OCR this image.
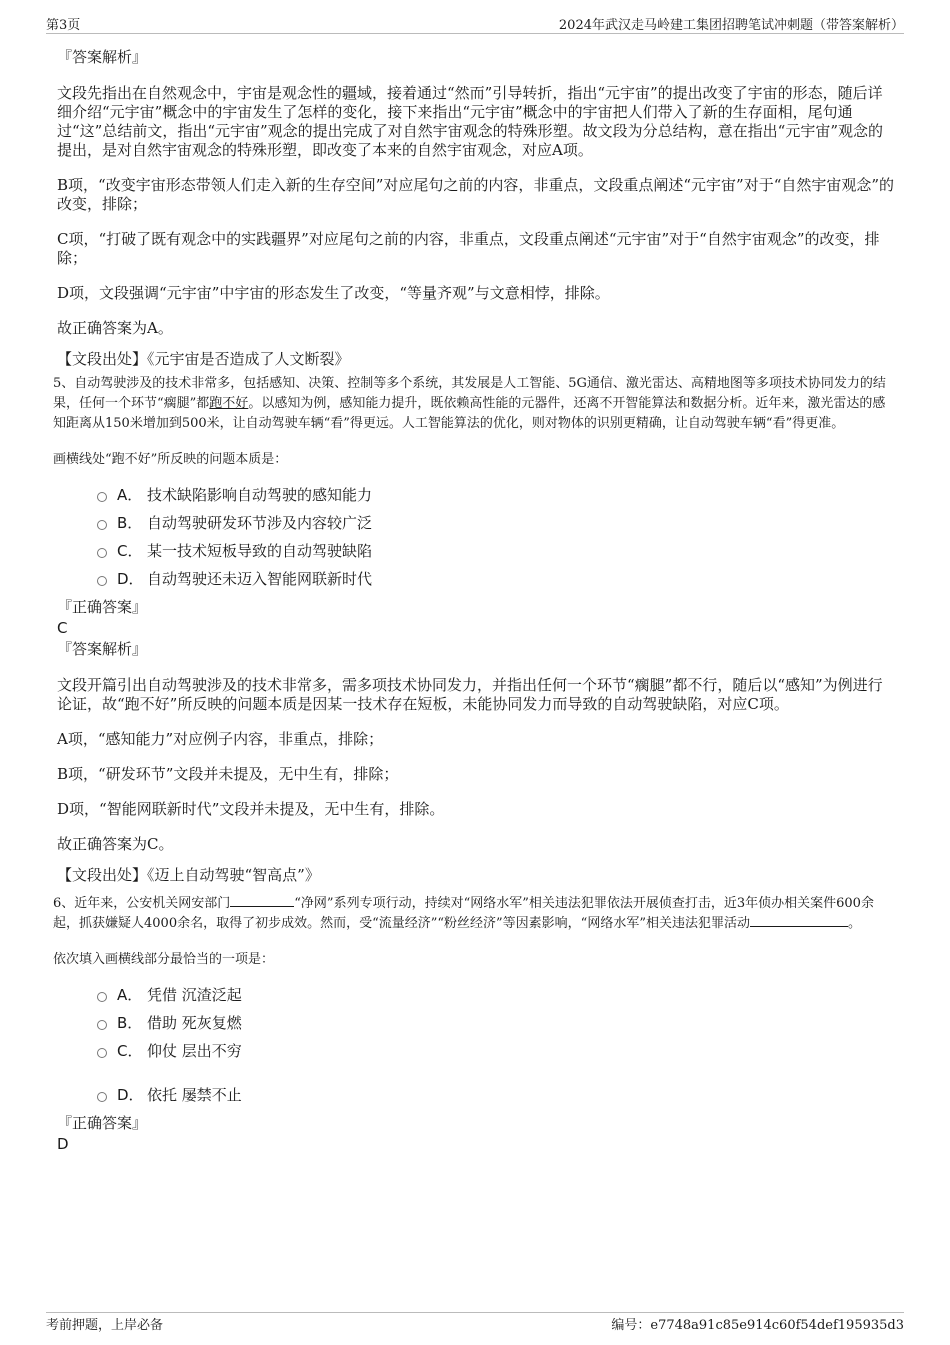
第3页	2024年武汉走马岭建工集团招聘笔试冲刺题（带答案解析）
『答案解析』

文段先指出在自然观念中，宇宙是观念性的疆域，接着通过“然而”引导转折，指出“元宇宙”的提出改变了宇宙的形态，随后详细介绍“元宇宙”概念中的宇宙发生了怎样的变化，接下来指出“元宇宙”概念中的宇宙把人们带入了新的生存面相，尾句通过“这”总结前文，指出“元宇宙”观念的提出完成了对自然宇宙观念的特殊形塑。故文段为分总结构，意在指出“元宇宙”观念的提出，是对自然宇宙观念的特殊形塑，即改变了本来的自然宇宙观念，对应A项。

B项，“改变宇宙形态带领人们走入新的生存空间”对应尾句之前的内容，非重点，文段重点阐述“元宇宙”对于“自然宇宙观念”的改变，排除；

C项，“打破了既有观念中的实践疆界”对应尾句之前的内容，非重点，文段重点阐述“元宇宙”对于“自然宇宙观念”的改变，排除；

D项，文段强调“元宇宙”中宇宙的形态发生了改变，“等量齐观”与文意相悖，排除。

故正确答案为A。

【文段出处】《元宇宙是否造成了人文断裂》
5、自动驾驶涉及的技术非常多，包括感知、决策、控制等多个系统，其发展是人工智能、5G通信、激光雷达、高精地图等多项技术协同发力的结果，任何一个环节“瘸腿”都跑不好。以感知为例，感知能力提升，既依赖高性能的元器件，还离不开智能算法和数据分析。近年来，激光雷达的感知距离从150米增加到500米，让自动驾驶车辆“看”得更远。人工智能算法的优化，则对物体的识别更精确，让自动驾驶车辆“看”得更准。
画横线处“跑不好”所反映的问题本质是：
A． 技术缺陷影响自动驾驶的感知能力
B． 自动驾驶研发环节涉及内容较广泛
C． 某一技术短板导致的自动驾驶缺陷
D． 自动驾驶还未迈入智能网联新时代
『正确答案』
C
『答案解析』

文段开篇引出自动驾驶涉及的技术非常多，需多项技术协同发力，并指出任何一个环节“瘸腿”都不行，随后以“感知”为例进行论证，故“跑不好”所反映的问题本质是因某一技术存在短板，未能协同发力而导致的自动驾驶缺陷，对应C项。

A项，“感知能力”对应例子内容，非重点，排除；

B项，“研发环节”文段并未提及，无中生有，排除；

D项，“智能网联新时代”文段并未提及，无中生有，排除。

故正确答案为C。

【文段出处】《迈上自动驾驶“智高点”》
6、近年来，公安机关网安部门	“净网”系列专项行动，持续对“网络水军”相关违法犯罪依法开展侦查打击，近3年侦办相关案件600余起，抓获嫌疑人4000余名，取得了初步成效。然而，受“流量经济”“粉丝经济”等因素影响，“网络水军”相关违法犯罪活动	。
依次填入画横线部分最恰当的一项是：
A． 凭借 沉渣泛起
B． 借助 死灰复燃
C． 仰仗 层出不穷
D． 依托 屡禁不止
『正确答案』
D
考前押题，上岸必备	编号：e7748a91c85e914c60f54def195935d3
